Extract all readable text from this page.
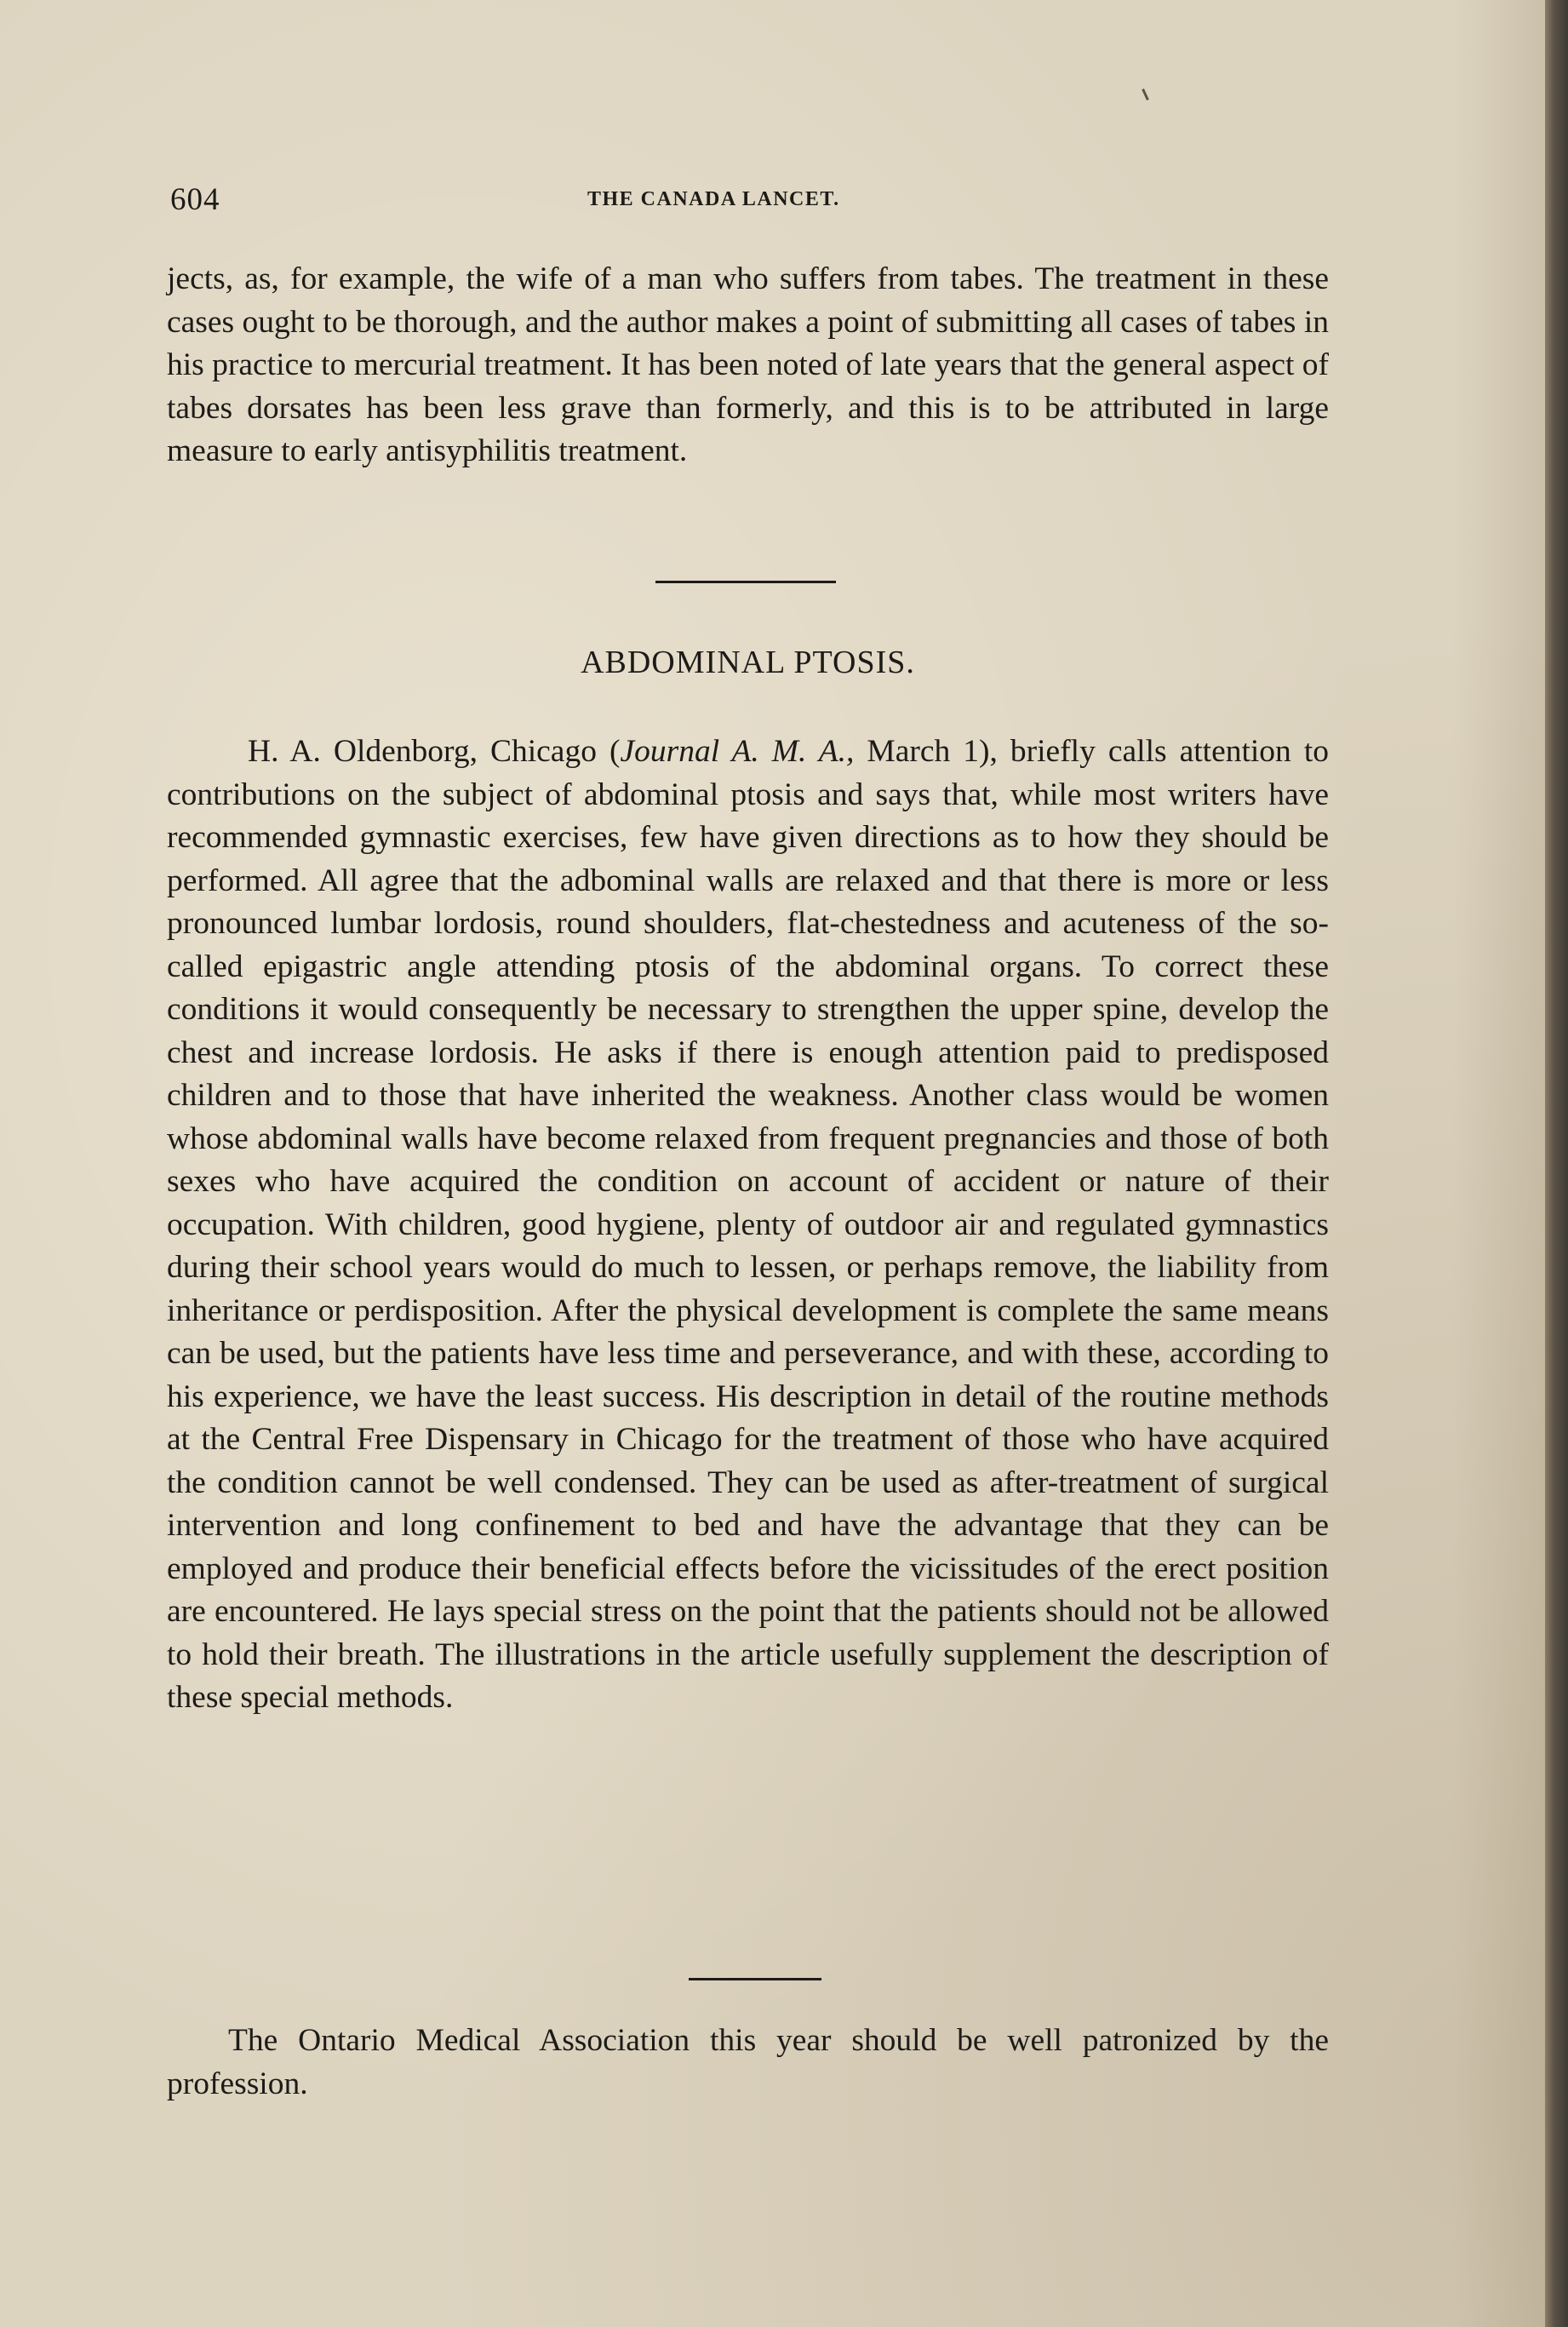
604	THE CANADA LANCET.

jects, as, for example, the wife of a man who suffers from tabes. The treatment in these cases ought to be thorough, and the author makes a point of submitting all cases of tabes in his practice to mercurial treatment. It has been noted of late years that the general aspect of tabes dorsates has been less grave than formerly, and this is to be attributed in large measure to early antisyphilitis treatment.

ABDOMINAL PTOSIS.

H. A. Oldenborg, Chicago (Journal A. M. A., March 1), briefly calls attention to contributions on the subject of abdominal ptosis and says that, while most writers have recommended gymnastic exercises, few have given directions as to how they should be performed. All agree that the adbominal walls are relaxed and that there is more or less pronounced lumbar lordosis, round shoulders, flat-chestedness and acuteness of the so-called epigastric angle attending ptosis of the abdominal organs. To correct these conditions it would consequently be necessary to strengthen the upper spine, develop the chest and increase lordosis. He asks if there is enough attention paid to predisposed children and to those that have inherited the weakness. Another class would be women whose abdominal walls have become relaxed from frequent pregnancies and those of both sexes who have acquired the condition on account of accident or nature of their occupation. With children, good hygiene, plenty of outdoor air and regulated gymnastics during their school years would do much to lessen, or perhaps remove, the liability from inheritance or perdisposition. After the physical development is complete the same means can be used, but the patients have less time and perseverance, and with these, according to his experience, we have the least success. His description in detail of the routine methods at the Central Free Dispensary in Chicago for the treatment of those who have acquired the condition cannot be well condensed. They can be used as after-treatment of surgical intervention and long confinement to bed and have the advantage that they can be employed and produce their beneficial effects before the vicissitudes of the erect position are encountered. He lays special stress on the point that the patients should not be allowed to hold their breath. The illustrations in the article usefully supplement the description of these special methods.

The Ontario Medical Association this year should be well patronized by the profession.
